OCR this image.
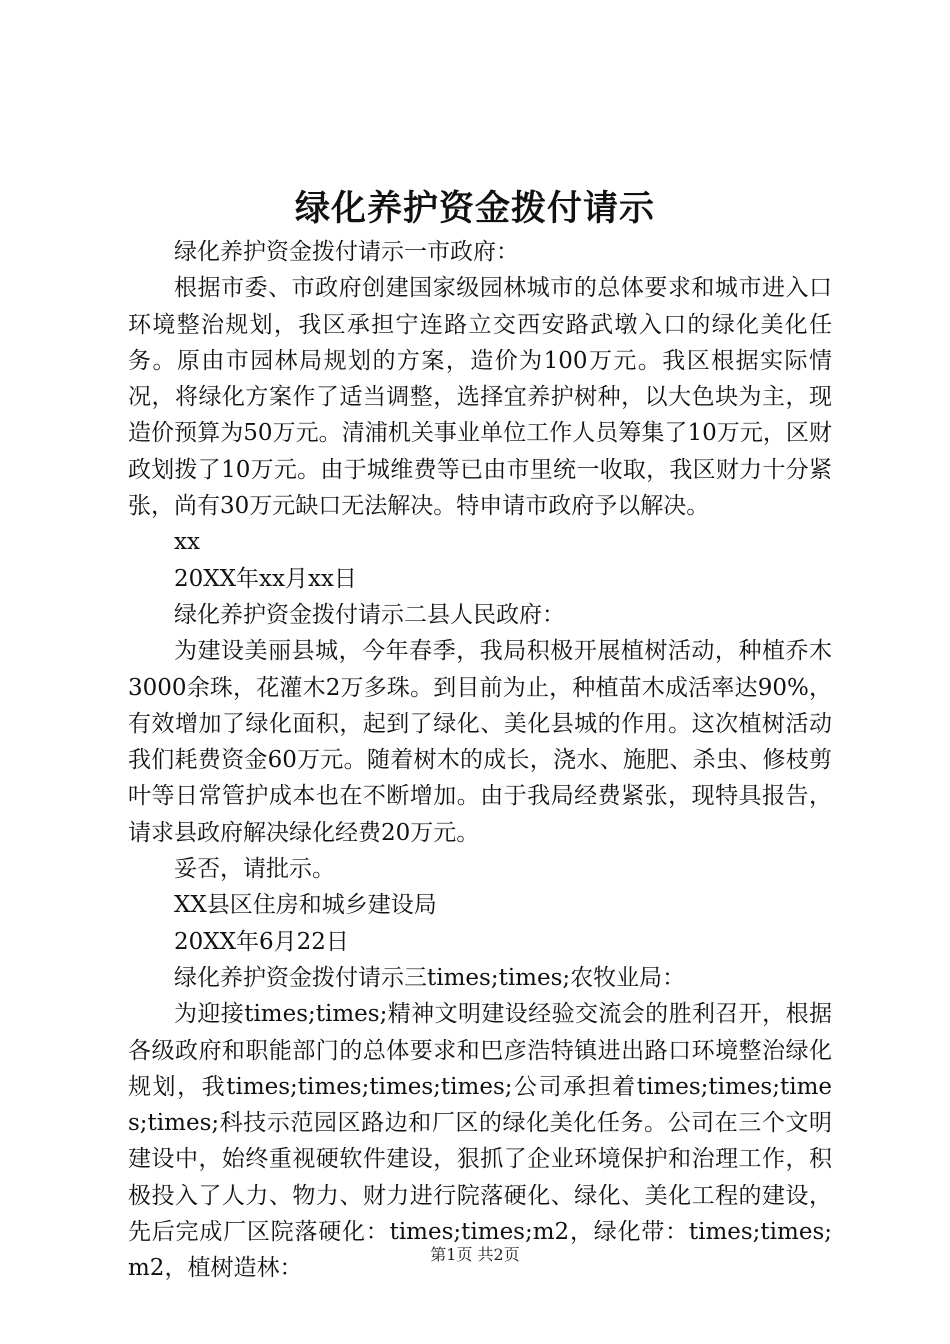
绿化养护资金拨付请示

绿化养护资金拨付请示一市政府：

根据市委、市政府创建国家级园林城市的总体要求和城市进入口环境整治规划，我区承担宁连路立交西安路武墩入口的绿化美化任务。原由市园林局规划的方案，造价为100万元。我区根据实际情况，将绿化方案作了适当调整，选择宜养护树种，以大色块为主，现造价预算为50万元。清浦机关事业单位工作人员筹集了10万元，区财政划拨了10万元。由于城维费等已由市里统一收取，我区财力十分紧张，尚有30万元缺口无法解决。特申请市政府予以解决。

xx

20XX年xx月xx日

绿化养护资金拨付请示二县人民政府：

为建设美丽县城，今年春季，我局积极开展植树活动，种植乔木3000余珠，花灌木2万多珠。到目前为止，种植苗木成活率达90%，有效增加了绿化面积，起到了绿化、美化县城的作用。这次植树活动我们耗费资金60万元。随着树木的成长，浇水、施肥、杀虫、修枝剪叶等日常管护成本也在不断增加。由于我局经费紧张，现特具报告，请求县政府解决绿化经费20万元。

妥否，请批示。

XX县区住房和城乡建设局

20XX年6月22日

绿化养护资金拨付请示三times;times;农牧业局：

为迎接times;times;精神文明建设经验交流会的胜利召开，根据各级政府和职能部门的总体要求和巴彦浩特镇进出路口环境整治绿化规划，我times;times;times;times;公司承担着times;times;times;times;科技示范园区路边和厂区的绿化美化任务。公司在三个文明建设中，始终重视硬软件建设，狠抓了企业环境保护和治理工作，积极投入了人力、物力、财力进行院落硬化、绿化、美化工程的建设，先后完成厂区院落硬化：times;times;m2，绿化带：times;times;m2，植树造林：

第1页 共2页
